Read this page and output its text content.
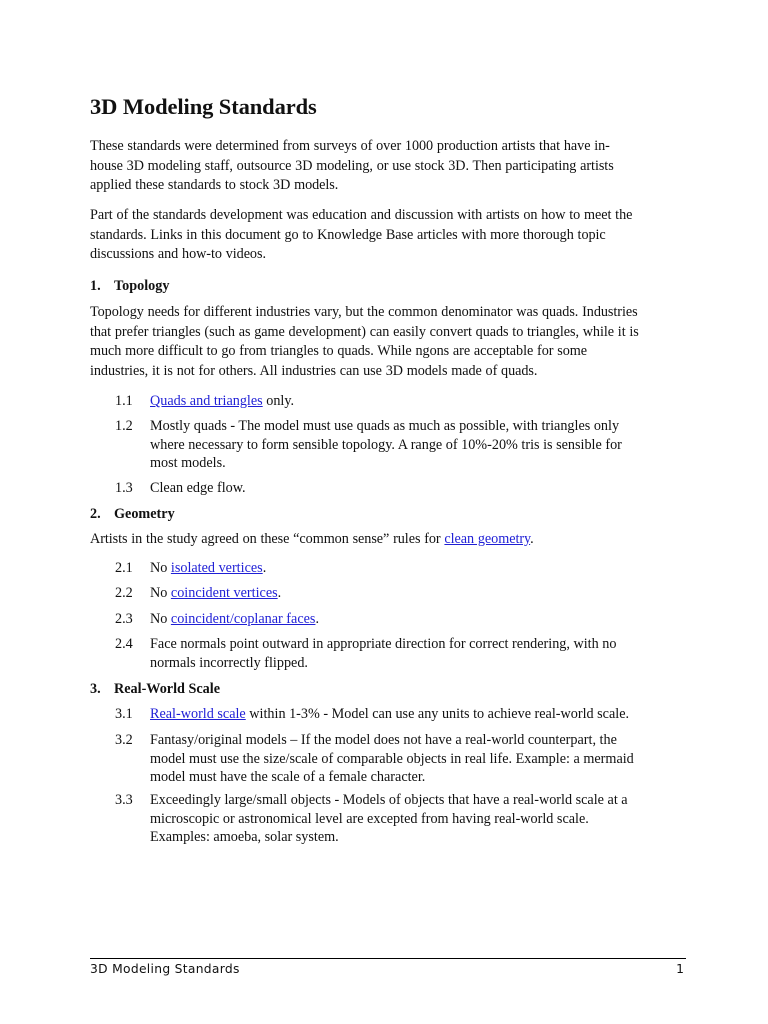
3D Modeling Standards

These standards were determined from surveys of over 1000 production artists that have in-
house 3D modeling staff, outsource 3D modeling, or use stock 3D. Then participating artists
applied these standards to stock 3D models.

Part of the standards development was education and discussion with artists on how to meet the
standards. Links in this document go to Knowledge Base articles with more thorough topic
discussions and how-to videos.

1. Topology

Topology needs for different industries vary, but the common denominator was quads. Industries
that prefer triangles (such as game development) can easily convert quads to triangles, while it is
much more difficult to go from triangles to quads. While ngons are acceptable for some
industries, it is not for others. All industries can use 3D models made of quads.

1.1 Quads and triangles only.
1.2 Mostly quads - The model must use quads as much as possible, with triangles only
where necessary to form sensible topology. A range of 10%-20% tris is sensible for
most models.
1.3 Clean edge flow.
2. Geometry

Artists in the study agreed on these “common sense” rules for clean geometry.

2.1 No isolated vertices.
2.2 No coincident vertices.
2.3 No coincident/coplanar faces.
2.4 Face normals point outward in appropriate direction for correct rendering, with no
normals incorrectly flipped.
3. Real-World Scale
3.1 Real-world scale within 1-3% - Model can use any units to achieve real-world scale.
3.2 Fantasy/original models – If the model does not have a real-world counterpart, the
model must use the size/scale of comparable objects in real life. Example: a mermaid
model must have the scale of a female character.
3.3 Exceedingly large/small objects - Models of objects that have a real-world scale at a
microscopic or astronomical level are excepted from having real-world scale.
Examples: amoeba, solar system.
3D Modeling Standards	1
